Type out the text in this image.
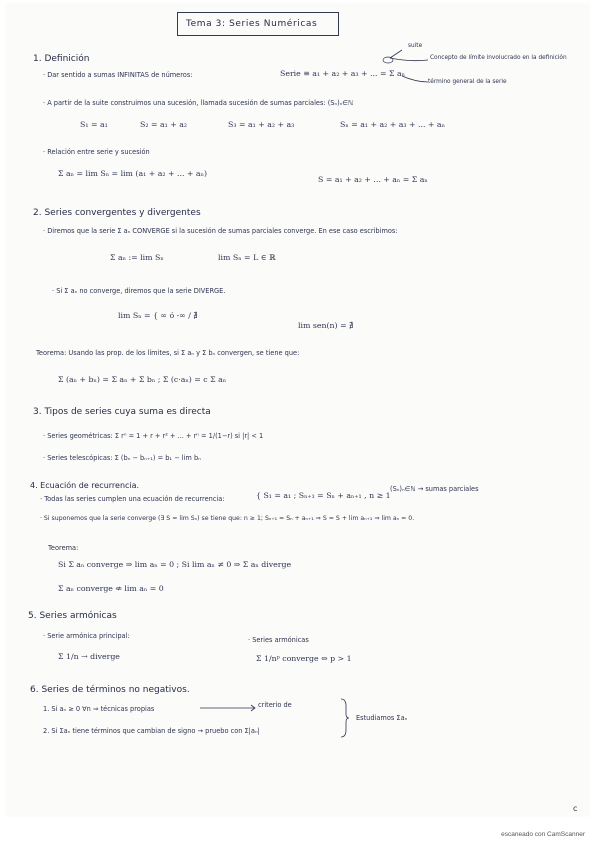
Tema 3: Series Numéricas
1. Definición
· Dar sentido a sumas INFINITAS de números:	Serie ≡ a₁ + a₂ + a₃ + ... = Σ aₙ
suite
Concepto de límite involucrado en la definición
término general de la serie
· A partir de la suite construimos una sucesión, llamada sucesión de sumas parciales: (Sₙ)ₙ∈ℕ
S₁ = a₁	S₂ = a₁ + a₂	S₃ = a₁ + a₂ + a₃	Sₙ = a₁ + a₂ + a₃ + ... + aₙ
· Relación entre serie y sucesión
Σ aₙ = lim Sₙ = lim (a₁ + a₂ + ... + aₙ)
S = a₁ + a₂ + ... + aₙ = Σ aₙ
2. Series convergentes y divergentes
· Diremos que la serie Σ aₙ CONVERGE si la sucesión de sumas parciales converge. En ese caso escribimos:
Σ aₙ := lim Sₙ	lim Sₙ = L ∈ ℝ
· Si Σ aₙ no converge, diremos que la serie DIVERGE.
lim Sₙ = { ∞ ó -∞ / ∄
lim sen(n) = ∄
Teorema: Usando las prop. de los límites, si Σ aₙ y Σ bₙ convergen, se tiene que:
Σ (aₙ + bₙ) = Σ aₙ + Σ bₙ ; Σ (c·aₙ) = c Σ aₙ
3. Tipos de series cuya suma es directa
· Series geométricas: Σ rⁿ = 1 + r + r² + ... + rⁿ = 1/(1−r) si |r| < 1
· Series telescópicas: Σ (bₙ − bₙ₊₁) = b₁ − lim bₙ
4. Ecuación de recurrencia.
· Todas las series cumplen una ecuación de recurrencia:	{ S₁ = a₁ ; Sₙ₊₁ = Sₙ + aₙ₊₁ , n ≥ 1
(Sₙ)ₙ∈ℕ → sumas parciales
· Si suponemos que la serie converge (∃ S = lim Sₙ) se tiene que: n ≥ 1; Sₙ₊₁ = Sₙ + aₙ₊₁ ⇒ S = S + lim aₙ₊₁ ⇒ lim aₙ = 0.
Teorema:
Si Σ aₙ converge ⇒ lim aₙ = 0 ; Si lim aₙ ≠ 0 ⇒ Σ aₙ diverge
Σ aₙ converge ⇍ lim aₙ = 0
5. Series armónicas
· Serie armónica principal:
Σ 1/n → diverge
· Series armónicas
Σ 1/nᵖ converge ⇔ p > 1
6. Series de términos no negativos.
1. Si aₙ ≥ 0 ∀n ⇒ técnicas propias	criterio de
2. Si Σaₙ tiene términos que cambian de signo → pruebo con Σ|aₙ|
Estudiamos Σaₙ
c
escaneado con CamScanner
